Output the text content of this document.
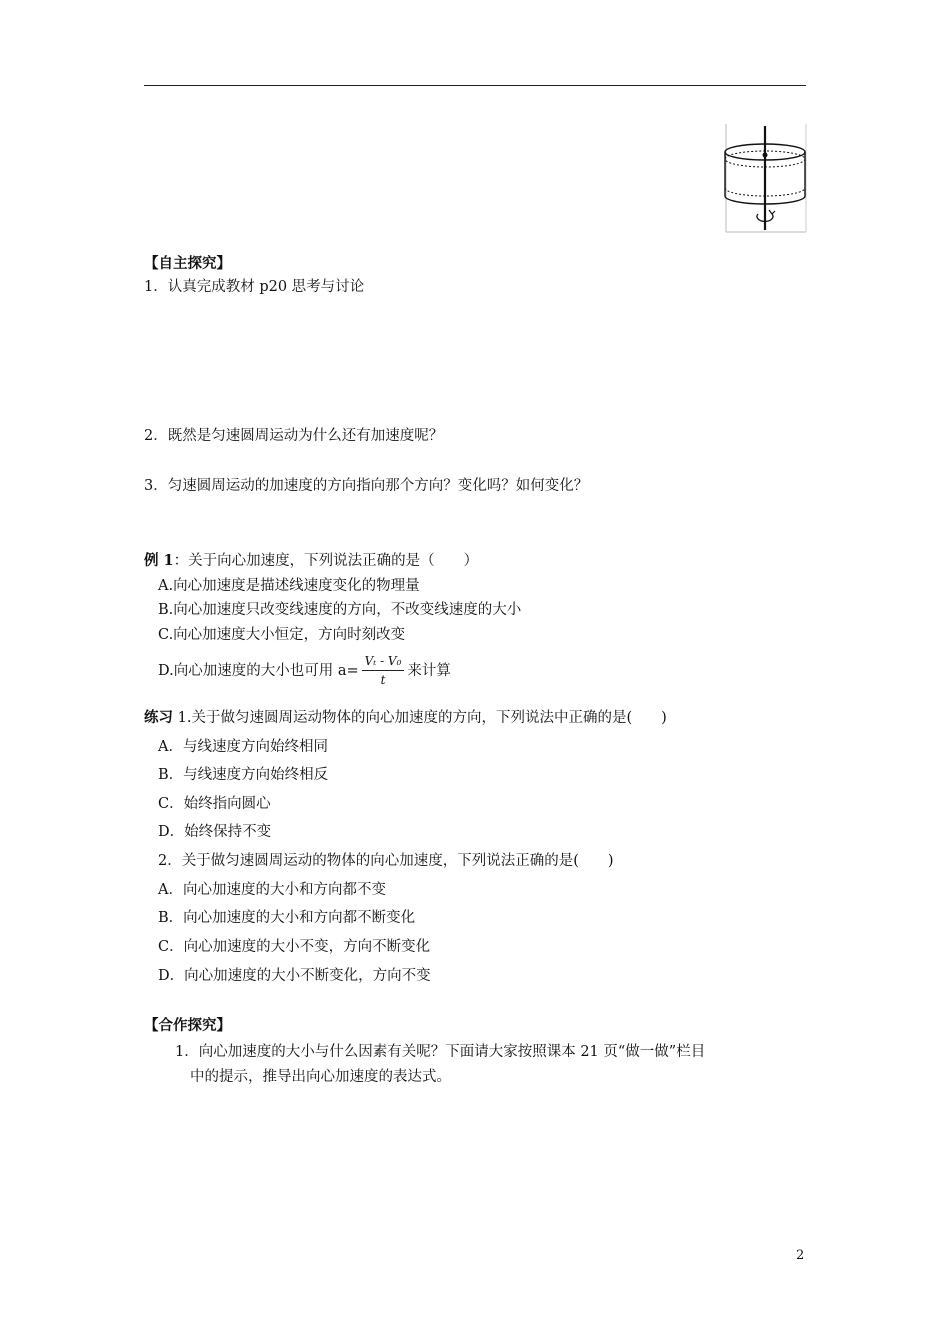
【自主探究】
1．认真完成教材 p20 思考与讨论
2．既然是匀速圆周运动为什么还有加速度呢？
3．匀速圆周运动的加速度的方向指向那个方向？变化吗？如何变化？
例 1：关于向心加速度，下列说法正确的是（　　）
A.向心加速度是描述线速度变化的物理量
B.向心加速度只改变线速度的方向，不改变线速度的大小
C.向心加速度大小恒定，方向时刻改变
D.向心加速度的大小也可用 $a= \frac{\text{Vₜ - V₀}}{t}$ 来计算
练习 1.关于做匀速圆周运动物体的向心加速度的方向，下列说法中正确的是(　　)
A．与线速度方向始终相同
B．与线速度方向始终相反
C．始终指向圆心
D．始终保持不变
2．关于做匀速圆周运动的物体的向心加速度，下列说法正确的是(　　)
A．向心加速度的大小和方向都不变
B．向心加速度的大小和方向都不断变化
C．向心加速度的大小不变，方向不断变化
D．向心加速度的大小不断变化，方向不变
【合作探究】
1．向心加速度的大小与什么因素有关呢？下面请大家按照课本 21 页“做一做”栏目
中的提示，推导出向心加速度的表达式。
2
